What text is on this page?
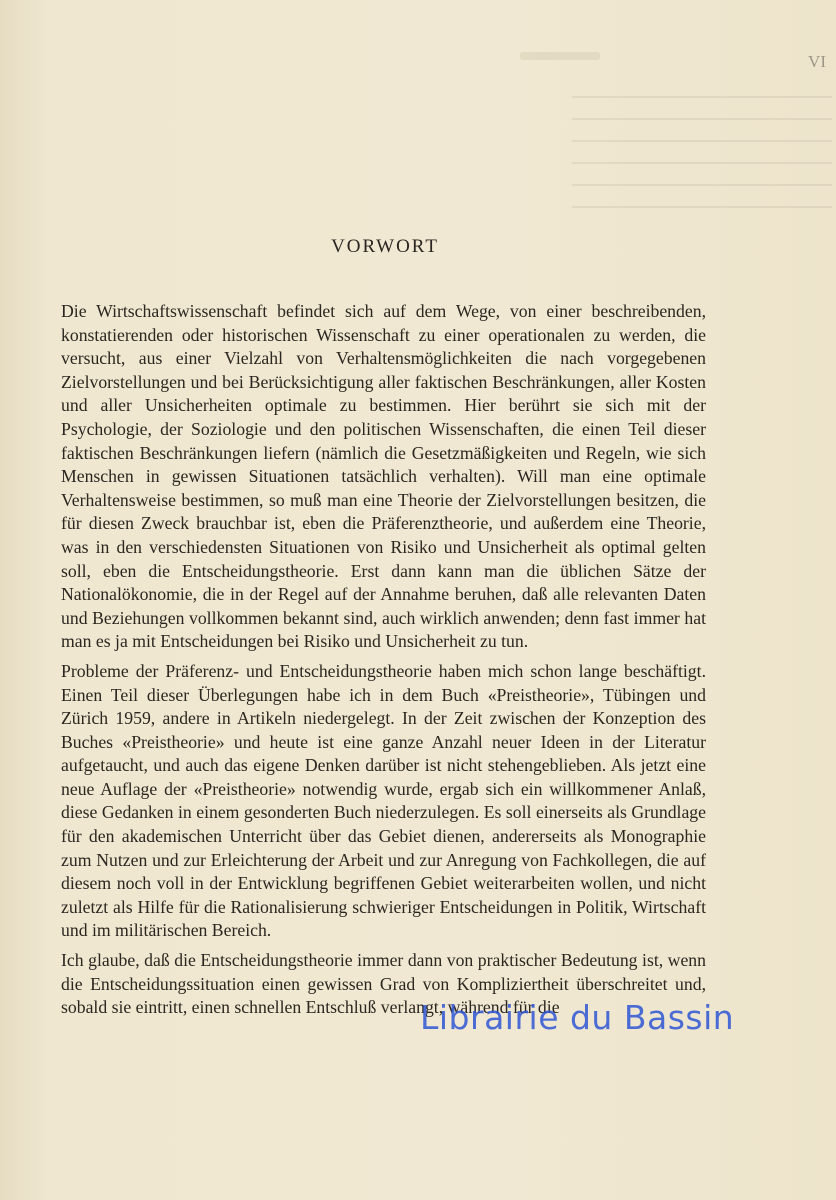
VI
VORWORT

Die Wirtschaftswissenschaft befindet sich auf dem Wege, von einer beschreibenden, konstatierenden oder historischen Wissenschaft zu einer operationalen zu werden, die versucht, aus einer Vielzahl von Verhaltensmöglichkeiten die nach vorgegebenen Zielvorstellungen und bei Berücksichtigung aller faktischen Beschränkungen, aller Kosten und aller Unsicherheiten optimale zu bestimmen. Hier berührt sie sich mit der Psychologie, der Soziologie und den politischen Wissenschaften, die einen Teil dieser faktischen Beschränkungen liefern (nämlich die Gesetzmäßigkeiten und Regeln, wie sich Menschen in gewissen Situationen tatsächlich verhalten). Will man eine optimale Verhaltensweise bestimmen, so muß man eine Theorie der Zielvorstellungen besitzen, die für diesen Zweck brauchbar ist, eben die Präferenztheorie, und außerdem eine Theorie, was in den verschiedensten Situationen von Risiko und Unsicherheit als optimal gelten soll, eben die Entscheidungstheorie. Erst dann kann man die üblichen Sätze der Nationalökonomie, die in der Regel auf der Annahme beruhen, daß alle relevanten Daten und Beziehungen vollkommen bekannt sind, auch wirklich anwenden; denn fast immer hat man es ja mit Entscheidungen bei Risiko und Unsicherheit zu tun.

Probleme der Präferenz- und Entscheidungstheorie haben mich schon lange beschäftigt. Einen Teil dieser Überlegungen habe ich in dem Buch «Preistheorie», Tübingen und Zürich 1959, andere in Artikeln niedergelegt. In der Zeit zwischen der Konzeption des Buches «Preistheorie» und heute ist eine ganze Anzahl neuer Ideen in der Literatur aufgetaucht, und auch das eigene Denken darüber ist nicht stehengeblieben. Als jetzt eine neue Auflage der «Preistheorie» notwendig wurde, ergab sich ein willkommener Anlaß, diese Gedanken in einem gesonderten Buch niederzulegen. Es soll einerseits als Grundlage für den akademischen Unterricht über das Gebiet dienen, andererseits als Monographie zum Nutzen und zur Erleichterung der Arbeit und zur Anregung von Fachkollegen, die auf diesem noch voll in der Entwicklung begriffenen Gebiet weiterarbeiten wollen, und nicht zuletzt als Hilfe für die Rationalisierung schwieriger Entscheidungen in Politik, Wirtschaft und im militärischen Bereich.

Ich glaube, daß die Entscheidungstheorie immer dann von praktischer Bedeutung ist, wenn die Entscheidungssituation einen gewissen Grad von Kompliziertheit überschreitet und, sobald sie eintritt, einen schnellen Entschluß verlangt, während für die

Librairie du Bassin
